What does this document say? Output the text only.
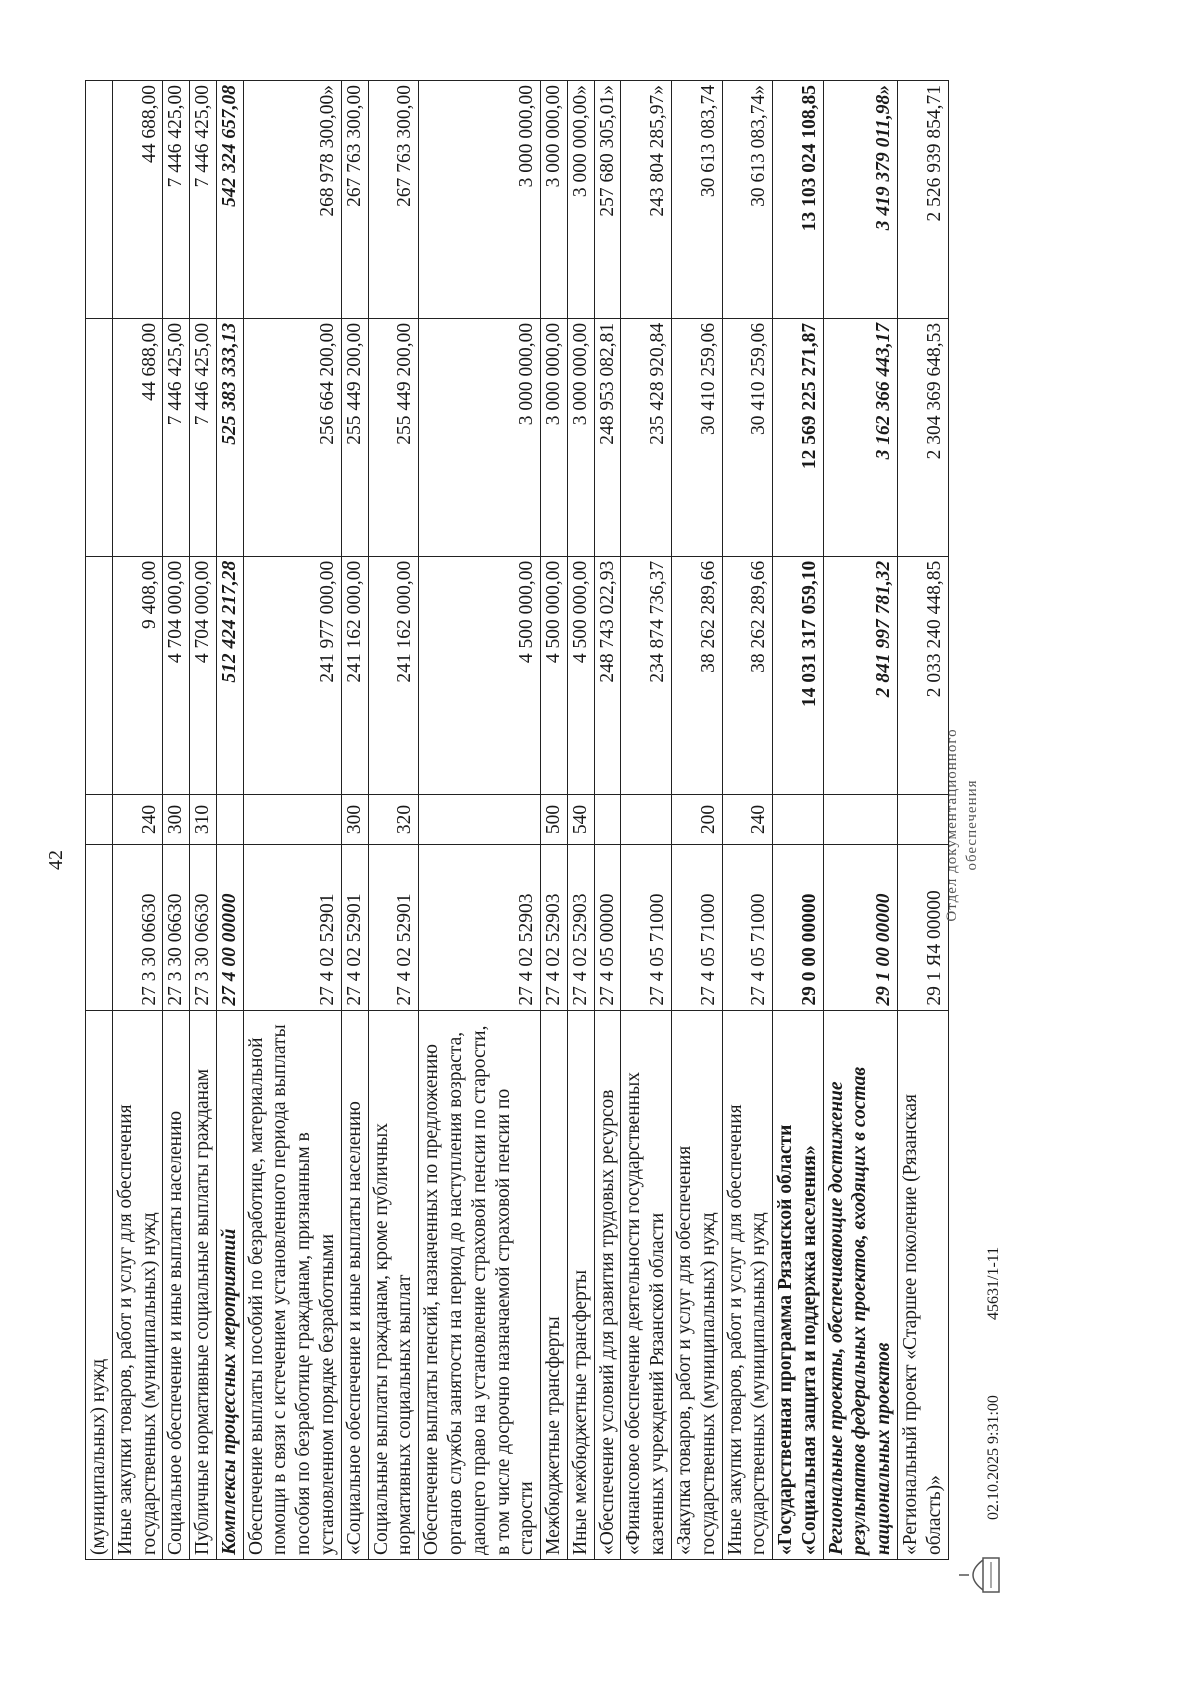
42
(муниципальных) нужд					
Иные закупки товаров, работ и услуг для обеспечения государственных (муниципальных) нужд	27 3 30 06630	240	9 408,00	44 688,00	44 688,00
Социальное обеспечение и иные выплаты населению	27 3 30 06630	300	4 704 000,00	7 446 425,00	7 446 425,00
Публичные нормативные социальные выплаты гражданам	27 3 30 06630	310	4 704 000,00	7 446 425,00	7 446 425,00
Комплексы процессных мероприятий	27 4 00 00000		512 424 217,28	525 383 333,13	542 324 657,08
Обеспечение выплаты пособий по безработице, материальной помощи в связи с истечением установленного периода выплаты пособия по безработице гражданам, признанным в установленном порядке безработными	27 4 02 52901		241 977 000,00	256 664 200,00	268 978 300,00»
«Социальное обеспечение и иные выплаты населению	27 4 02 52901	300	241 162 000,00	255 449 200,00	267 763 300,00
Социальные выплаты гражданам, кроме публичных нормативных социальных выплат	27 4 02 52901	320	241 162 000,00	255 449 200,00	267 763 300,00
Обеспечение выплаты пенсий, назначенных по предложению органов службы занятости на период до наступления возраста, дающего право на установление страховой пенсии по старости, в том числе досрочно назначаемой страховой пенсии по старости	27 4 02 52903		4 500 000,00	3 000 000,00	3 000 000,00
Межбюджетные трансферты	27 4 02 52903	500	4 500 000,00	3 000 000,00	3 000 000,00
Иные межбюджетные трансферты	27 4 02 52903	540	4 500 000,00	3 000 000,00	3 000 000,00»
«Обеспечение условий для развития трудовых ресурсов	27 4 05 00000		248 743 022,93	248 953 082,81	257 680 305,01»
«Финансовое обеспечение деятельности государственных казенных учреждений Рязанской области	27 4 05 71000		234 874 736,37	235 428 920,84	243 804 285,97»
«Закупка товаров, работ и услуг для обеспечения государственных (муниципальных) нужд	27 4 05 71000	200	38 262 289,66	30 410 259,06	30 613 083,74
Иные закупки товаров, работ и услуг для обеспечения государственных (муниципальных) нужд	27 4 05 71000	240	38 262 289,66	30 410 259,06	30 613 083,74»
«Государственная программа Рязанской области «Социальная защита и поддержка населения»	29 0 00 00000		14 031 317 059,10	12 569 225 271,87	13 103 024 108,85
Региональные проекты, обеспечивающие достижение результатов федеральных проектов, входящих в состав национальных проектов	29 1 00 00000		2 841 997 781,32	3 162 366 443,17	3 419 379 011,98»
«Региональный проект «Старшее поколение (Рязанская область)»	29 1 Я4 00000		2 033 240 448,85	2 304 369 648,53	2 526 939 854,71
02.10.2025 9:31:00
45631/1-11
Отдел документационного обеспечения
